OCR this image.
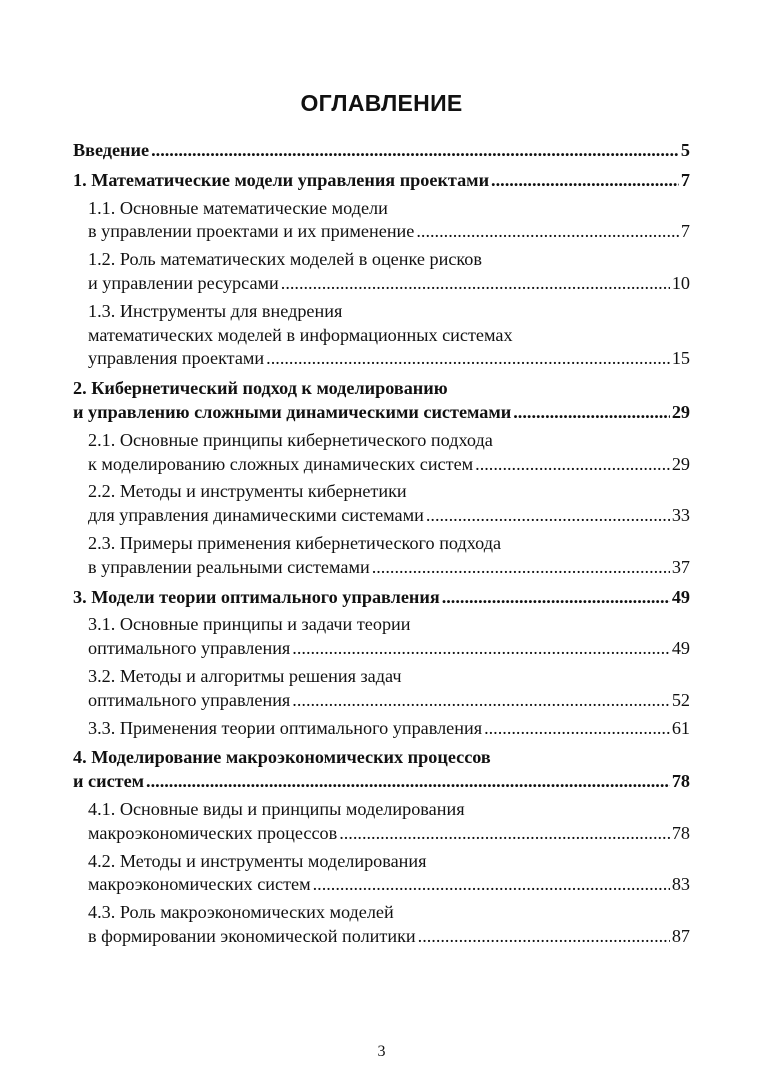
ОГЛАВЛЕНИЕ
Введение .....	5
1. Математические модели управления проектами .....	7
1.1. Основные математические модели
в управлении проектами и их применение .....	7
1.2. Роль математических моделей в оценке рисков
и управлении ресурсами .....	10
1.3. Инструменты для внедрения
математических моделей в информационных системах
управления проектами .....	15
2. Кибернетический подход к моделированию
и управлению сложными динамическими системами .....	29
2.1. Основные принципы кибернетического подхода
к моделированию сложных динамических систем .....	29
2.2. Методы и инструменты кибернетики
для управления динамическими системами .....	33
2.3. Примеры применения кибернетического подхода
в управлении реальными системами .....	37
3. Модели теории оптимального управления .....	49
3.1. Основные принципы и задачи теории
оптимального управления .....	49
3.2. Методы и алгоритмы решения задач
оптимального управления .....	52
3.3. Применения теории оптимального управления .....	61
4. Моделирование макроэкономических процессов
и систем .....	78
4.1. Основные виды и принципы моделирования
макроэкономических процессов .....	78
4.2. Методы и инструменты моделирования
макроэкономических систем .....	83
4.3. Роль макроэкономических моделей
в формировании экономической политики .....	87
3
